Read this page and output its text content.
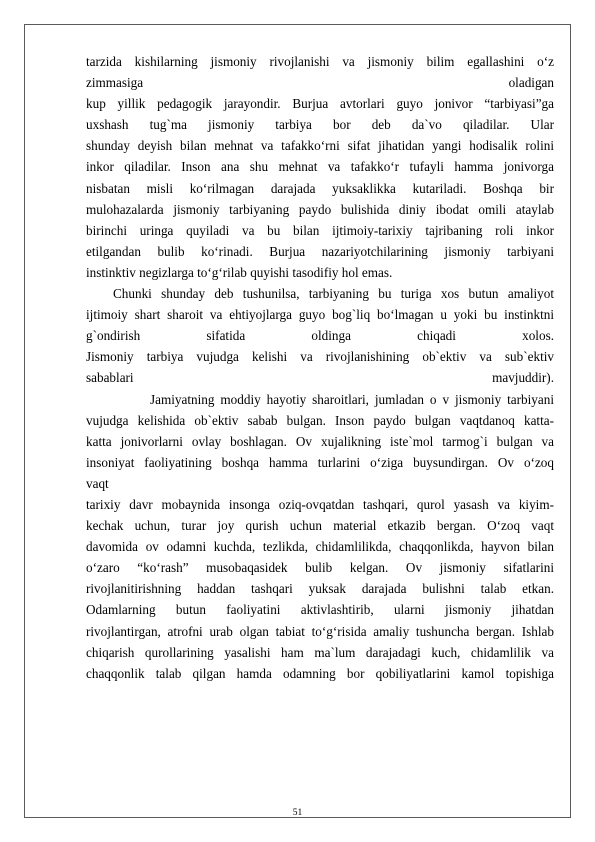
tarzida kishilarning jismoniy rivojlanishi va jismoniy bilim egallashini o‘z
zimmasiga oladigan
kup yillik pedagogik jarayondir. Burjua avtorlari guyo jonivor “tarbiyasi”ga
uxshash tug`ma jismoniy tarbiya bor deb da`vo qiladilar. Ular
shunday deyish bilan mehnat va tafakko‘rni sifat jihatidan yangi hodisalik rolini
inkor qiladilar. Inson ana shu mehnat va tafakko‘r tufayli hamma jonivorga
nisbatan misli ko‘rilmagan darajada yuksaklikka kutariladi. Boshqa bir
mulohazalarda jismoniy tarbiyaning paydo bulishida diniy ibodat omili ataylab
birinchi uringa quyiladi va bu bilan ijtimoiy-tarixiy tajribaning roli inkor
etilgandan bulib ko‘rinadi. Burjua nazariyotchilarining jismoniy tarbiyani
instinktiv negizlarga to‘g‘rilab quyishi tasodifiy hol emas.
Chunki shunday deb tushunilsa, tarbiyaning bu turiga xos butun amaliyot
ijtimoiy shart sharoit va ehtiyojlarga guyo bog`liq bo‘lmagan u yoki bu instinktni
g`ondirish sifatida oldinga chiqadi xolos.
Jismoniy tarbiya vujudga kelishi va rivojlanishining ob`ektiv va sub`ektiv
sabablari mavjuddir).
Jamiyatning moddiy hayotiy sharoitlari, jumladan o v jismoniy tarbiyani
vujudga kelishida ob`ektiv sabab bulgan. Inson paydo bulgan vaqtdanoq katta-
katta jonivorlarni ovlay boshlagan. Ov xujalikning iste`mol tarmog`i bulgan va
insoniyat faoliyatining boshqa hamma turlarini o‘ziga buysundirgan. Ov o‘zoq
vaqt
tarixiy davr mobaynida insonga oziq-ovqatdan tashqari, qurol yasash va kiyim-
kechak uchun, turar joy qurish uchun material etkazib bergan. O‘zoq vaqt
davomida ov odamni kuchda, tezlikda, chidamlilikda, chaqqonlikda, hayvon bilan
o‘zaro “ko‘rash” musobaqasidek bulib kelgan. Ov jismoniy sifatlarini
rivojlanitirishning haddan tashqari yuksak darajada bulishni talab etkan.
Odamlarning butun faoliyatini aktivlashtirib, ularni jismoniy jihatdan
rivojlantirgan, atrofni urab olgan tabiat to‘g‘risida amaliy tushuncha bergan. Ishlab
chiqarish qurollarining yasalishi ham ma`lum darajadagi kuch, chidamlilik va
chaqqonlik talab qilgan hamda odamning bor qobiliyatlarini kamol topishiga
51
